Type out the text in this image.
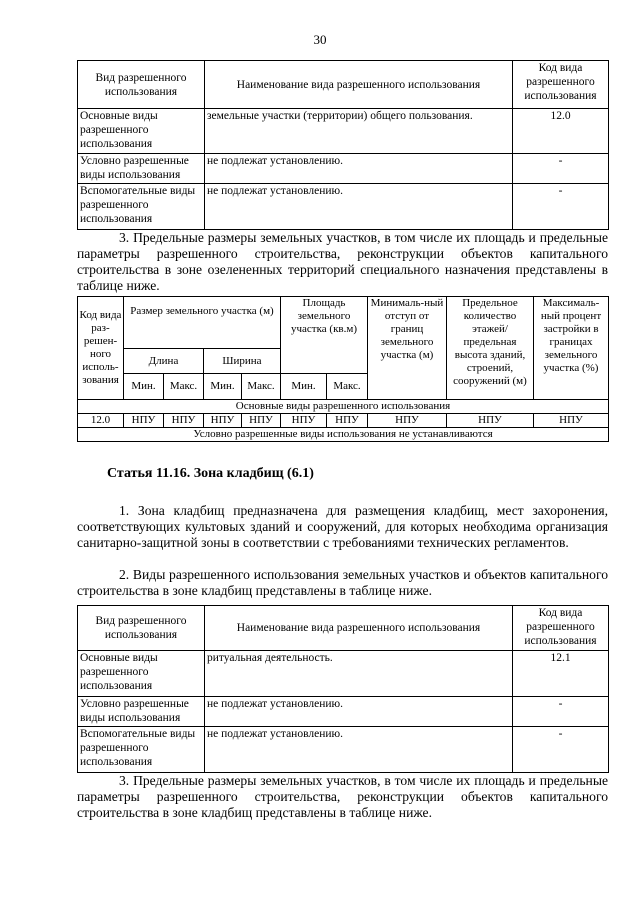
30
Вид разрешенного использования	Наименование вида разрешенного использования	Код вида разрешенного использования
Основные виды разрешенного использования	земельные участки (территории) общего пользования.	12.0
Условно разрешенные виды использования	не подлежат установлению.	-
Вспомогательные виды разрешенного использования	не подлежат установлению.	-

3. Предельные размеры земельных участков, в том числе их площадь и предельные параметры разрешенного строительства, реконструкции объектов капитального строительства в зоне озелененных территорий специального назначения представлены в таблице ниже.

Код вида раз-решен-ного исполь-зования	Размер земельного участка (м)				Площадь земельного участка (кв.м)		Минималь-ный отступ от границ земельного участка (м)	Предельное количество этажей/ предельная высота зданий, строений, сооружений (м)	Максималь-ный процент застройки в границах земельного участка (%)
	Длина		Ширина						
	Мин.	Макс.	Мин.	Макс.	Мин.	Макс.			
Основные виды разрешенного использования									
12.0	НПУ	НПУ	НПУ	НПУ	НПУ	НПУ	НПУ	НПУ	НПУ
Условно разрешенные виды использования не устанавливаются									

Статья 11.16. Зона кладбищ (6.1)

1. Зона кладбищ предназначена для размещения кладбищ, мест захоронения, соответствующих культовых зданий и сооружений, для которых необходима организация санитарно-защитной зоны в соответствии с требованиями технических регламентов.

2. Виды разрешенного использования земельных участков и объектов капитального строительства в зоне кладбищ представлены в таблице ниже.

Вид разрешенного использования	Наименование вида разрешенного использования	Код вида разрешенного использования
Основные виды разрешенного использования	ритуальная деятельность.	12.1
Условно разрешенные виды использования	не подлежат установлению.	-
Вспомогательные виды разрешенного использования	не подлежат установлению.	-

3. Предельные размеры земельных участков, в том числе их площадь и предельные параметры разрешенного строительства, реконструкции объектов капитального строительства в зоне кладбищ представлены в таблице ниже.
